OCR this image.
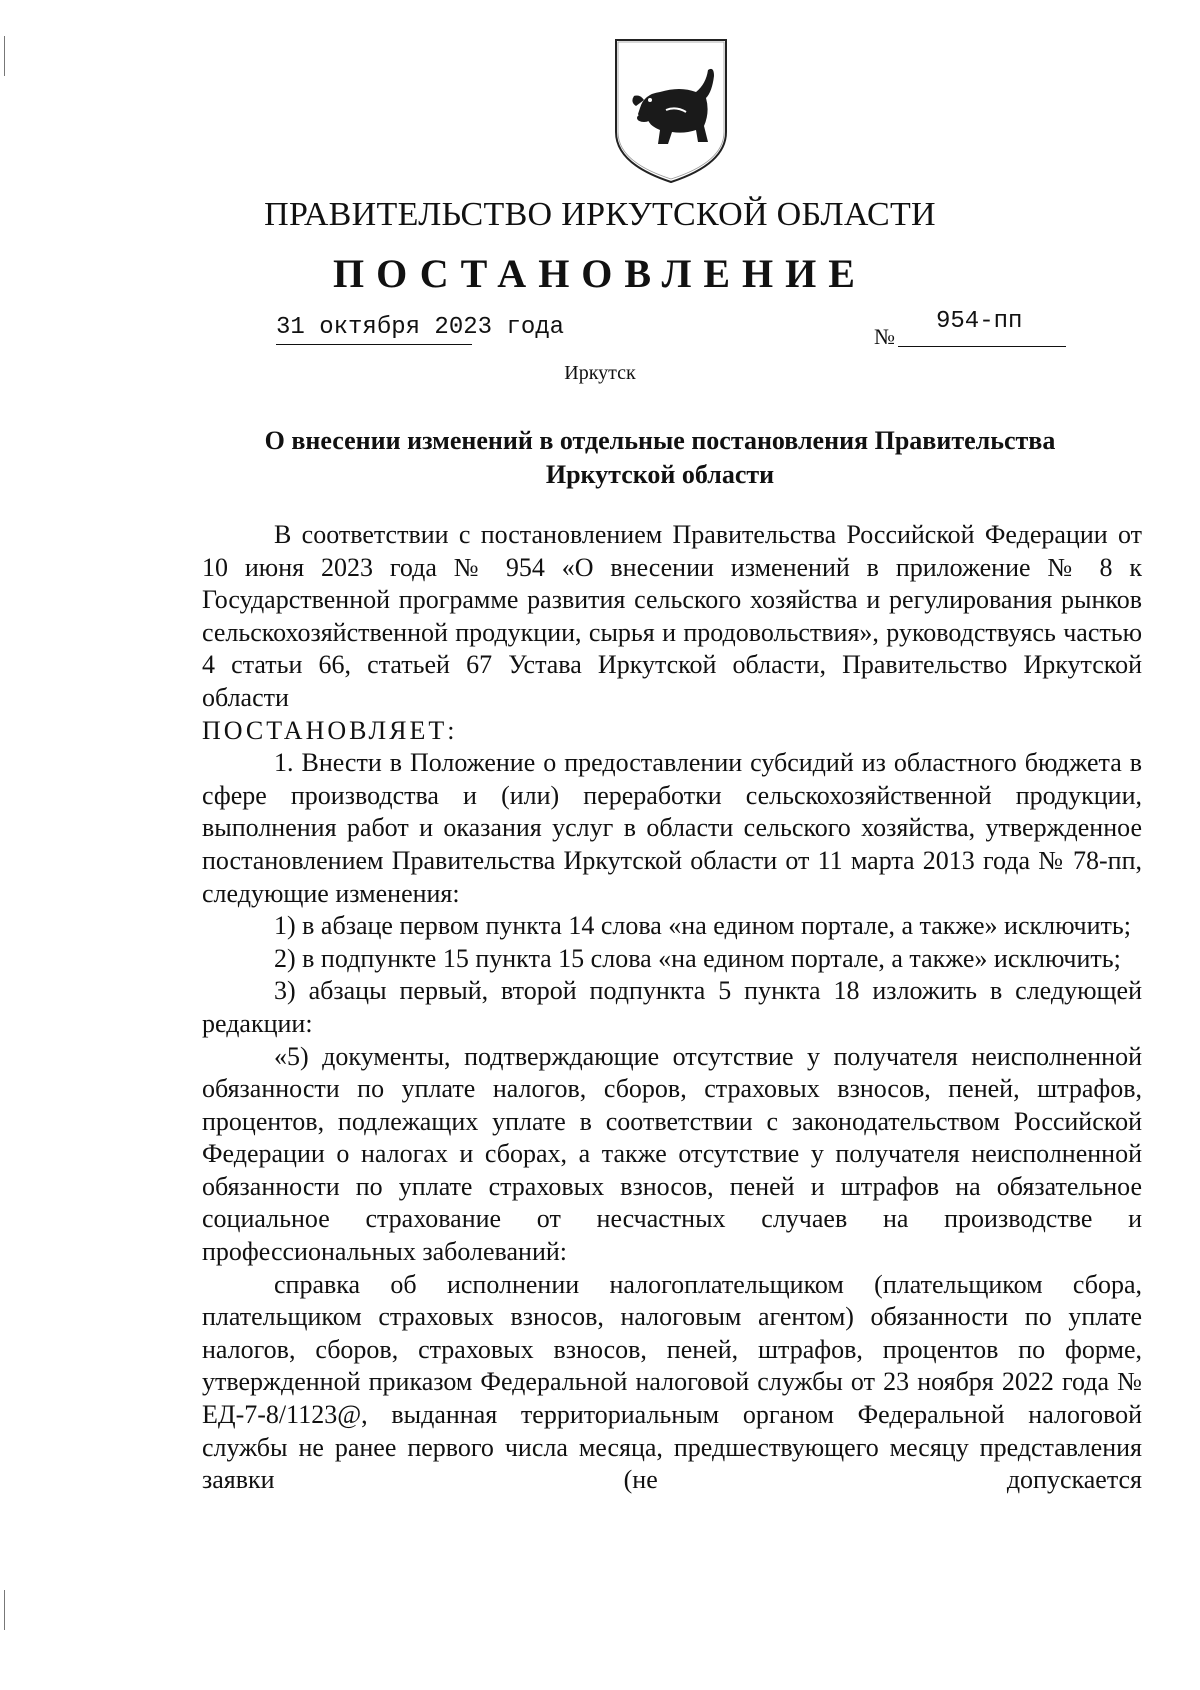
ПРАВИТЕЛЬСТВО ИРКУТСКОЙ ОБЛАСТИ
ПОСТАНОВЛЕНИЕ
31 октября 2023 года	№
954-пп
Иркутск
О внесении изменений в отдельные постановления Правительства
Иркутской области

В соответствии с постановлением Правительства Российской Федерации от 10 июня 2023 года № 954 «О внесении изменений в приложение № 8 к Государственной программе развития сельского хозяйства и регулирования рынков сельскохозяйственной продукции, сырья и продовольствия», руководствуясь частью 4 статьи 66, статьей 67 Устава Иркутской области, Правительство Иркутской области

ПОСТАНОВЛЯЕТ:

1. Внести в Положение о предоставлении субсидий из областного бюджета в сфере производства и (или) переработки сельскохозяйственной продукции, выполнения работ и оказания услуг в области сельского хозяйства, утвержденное постановлением Правительства Иркутской области от 11 марта 2013 года № 78-пп, следующие изменения:

1) в абзаце первом пункта 14 слова «на едином портале, а также» исключить;

2) в подпункте 15 пункта 15 слова «на едином портале, а также» исключить;

3) абзацы первый, второй подпункта 5 пункта 18 изложить в следующей редакции:

«5) документы, подтверждающие отсутствие у получателя неисполненной обязанности по уплате налогов, сборов, страховых взносов, пеней, штрафов, процентов, подлежащих уплате в соответствии с законодательством Российской Федерации о налогах и сборах, а также отсутствие у получателя неисполненной обязанности по уплате страховых взносов, пеней и штрафов на обязательное социальное страхование от несчастных случаев на производстве и профессиональных заболеваний:

справка об исполнении налогоплательщиком (плательщиком сбора, плательщиком страховых взносов, налоговым агентом) обязанности по уплате налогов, сборов, страховых взносов, пеней, штрафов, процентов по форме, утвержденной приказом Федеральной налоговой службы от 23 ноября 2022 года № ЕД-7-8/1123@, выданная территориальным органом Федеральной налоговой службы не ранее первого числа месяца, предшествующего месяцу представления заявки (не допускается
